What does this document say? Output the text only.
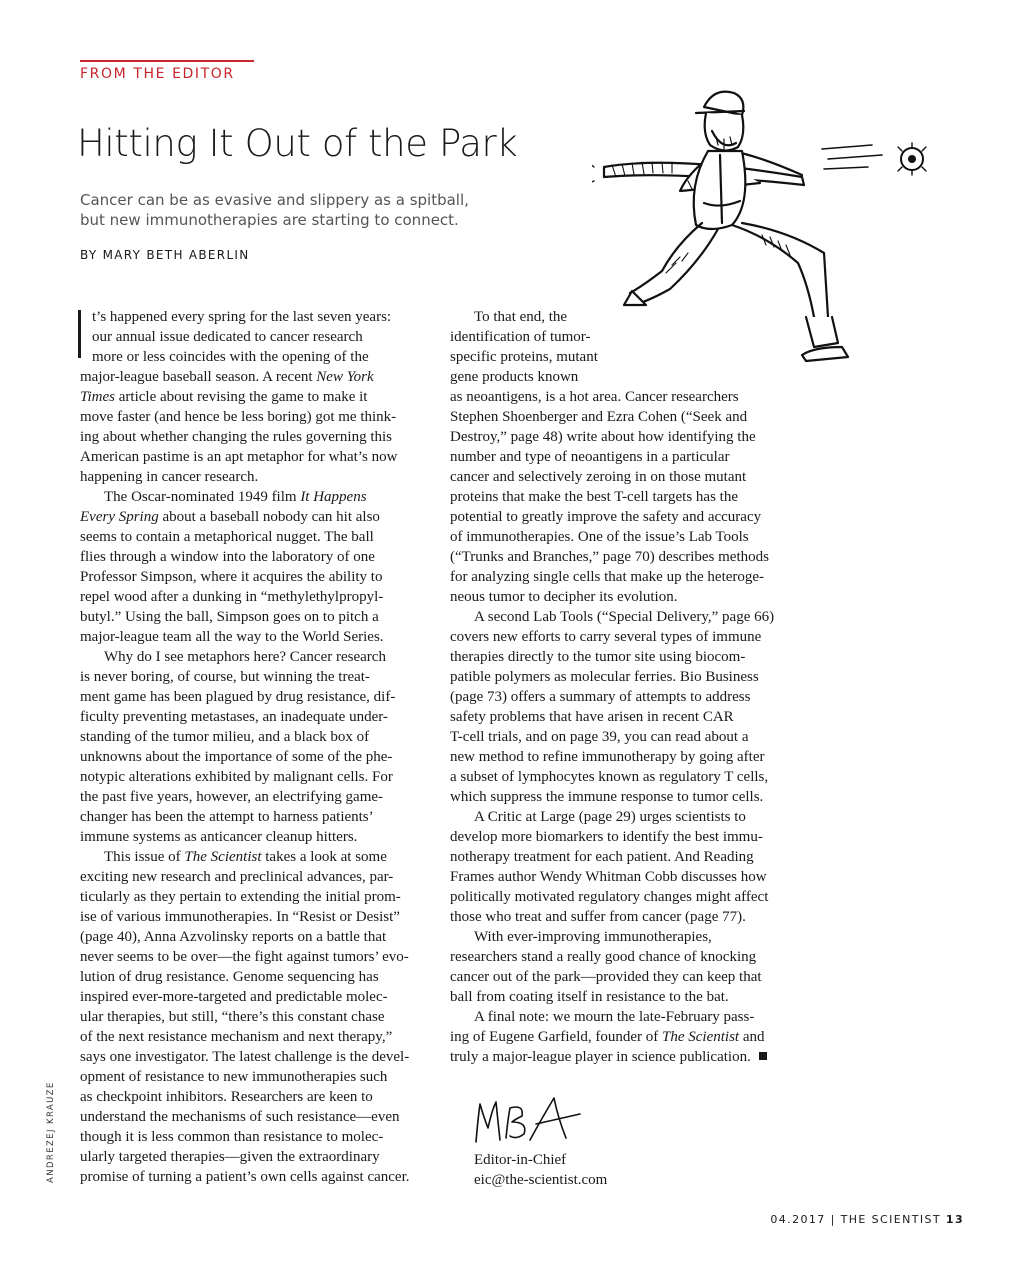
FROM THE EDITOR
Hitting It Out of the Park
Cancer can be as evasive and slippery as a spitball,
but new immunotherapies are starting to connect.
BY MARY BETH ABERLIN
t’s happened every spring for the last seven years:
our annual issue dedicated to cancer research
more or less coincides with the opening of the
major-league baseball season. A recent New York
Times article about revising the game to make it
move faster (and hence be less boring) got me think-
ing about whether changing the rules governing this
American pastime is an apt metaphor for what’s now
happening in cancer research.
The Oscar-nominated 1949 film It Happens
Every Spring about a baseball nobody can hit also
seems to contain a metaphorical nugget. The ball
flies through a window into the laboratory of one
Professor Simpson, where it acquires the ability to
repel wood after a dunking in “methylethylpropyl-
butyl.” Using the ball, Simpson goes on to pitch a
major-league team all the way to the World Series.
Why do I see metaphors here? Cancer research
is never boring, of course, but winning the treat-
ment game has been plagued by drug resistance, dif-
ficulty preventing metastases, an inadequate under-
standing of the tumor milieu, and a black box of
unknowns about the importance of some of the phe-
notypic alterations exhibited by malignant cells. For
the past five years, however, an electrifying game-
changer has been the attempt to harness patients’
immune systems as anticancer cleanup hitters.
This issue of The Scientist takes a look at some
exciting new research and preclinical advances, par-
ticularly as they pertain to extending the initial prom-
ise of various immunotherapies. In “Resist or Desist”
(page 40), Anna Azvolinsky reports on a battle that
never seems to be over—the fight against tumors’ evo-
lution of drug resistance. Genome sequencing has
inspired ever-more-targeted and predictable molec-
ular therapies, but still, “there’s this constant chase
of the next resistance mechanism and next therapy,”
says one investigator. The latest challenge is the devel-
opment of resistance to new immunotherapies such
as checkpoint inhibitors. Researchers are keen to
understand the mechanisms of such resistance—even
though it is less common than resistance to molec-
ularly targeted therapies—given the extraordinary
promise of turning a patient’s own cells against cancer.
To that end, the
identification of tumor-
specific proteins, mutant
gene products known
as neoantigens, is a hot area. Cancer researchers
Stephen Shoenberger and Ezra Cohen (“Seek and
Destroy,” page 48) write about how identifying the
number and type of neoantigens in a particular
cancer and selectively zeroing in on those mutant
proteins that make the best T-cell targets has the
potential to greatly improve the safety and accuracy
of immunotherapies. One of the issue’s Lab Tools
(“Trunks and Branches,” page 70) describes methods
for analyzing single cells that make up the heteroge-
neous tumor to decipher its evolution.
A second Lab Tools (“Special Delivery,” page 66)
covers new efforts to carry several types of immune
therapies directly to the tumor site using biocom-
patible polymers as molecular ferries. Bio Business
(page 73) offers a summary of attempts to address
safety problems that have arisen in recent CAR
T-cell trials, and on page 39, you can read about a
new method to refine immunotherapy by going after
a subset of lymphocytes known as regulatory T cells,
which suppress the immune response to tumor cells.
A Critic at Large (page 29) urges scientists to
develop more biomarkers to identify the best immu-
notherapy treatment for each patient. And Reading
Frames author Wendy Whitman Cobb discusses how
politically motivated regulatory changes might affect
those who treat and suffer from cancer (page 77).
With ever-improving immunotherapies,
researchers stand a really good chance of knocking
cancer out of the park—provided they can keep that
ball from coating itself in resistance to the bat.
A final note: we mourn the late-February pass-
ing of Eugene Garfield, founder of The Scientist and
truly a major-league player in science publication.
Editor-in-Chief
eic@the-scientist.com
ANDREZEJ KRAUZE
04.2017 | THE SCIENTIST 13
